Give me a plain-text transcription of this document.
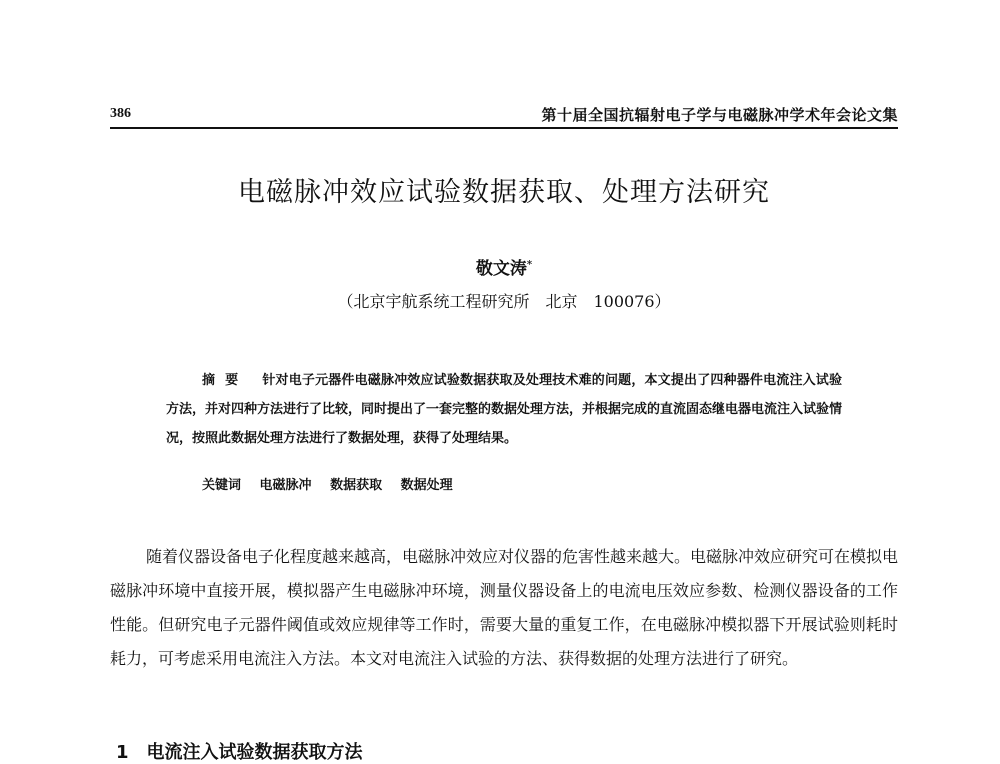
386	第十届全国抗辐射电子学与电磁脉冲学术年会论文集
电磁脉冲效应试验数据获取、处理方法研究
敬文涛*
（北京宇航系统工程研究所　北京　100076）
摘要 针对电子元器件电磁脉冲效应试验数据获取及处理技术难的问题，本文提出了四种器件电流注入试验方法，并对四种方法进行了比较，同时提出了一套完整的数据处理方法，并根据完成的直流固态继电器电流注入试验情况，按照此数据处理方法进行了数据处理，获得了处理结果。
关键词 电磁脉冲 数据获取 数据处理
随着仪器设备电子化程度越来越高，电磁脉冲效应对仪器的危害性越来越大。电磁脉冲效应研究可在模拟电磁脉冲环境中直接开展，模拟器产生电磁脉冲环境，测量仪器设备上的电流电压效应参数、检测仪器设备的工作性能。但研究电子元器件阈值或效应规律等工作时，需要大量的重复工作，在电磁脉冲模拟器下开展试验则耗时耗力，可考虑采用电流注入方法。本文对电流注入试验的方法、获得数据的处理方法进行了研究。
1 电流注入试验数据获取方法
